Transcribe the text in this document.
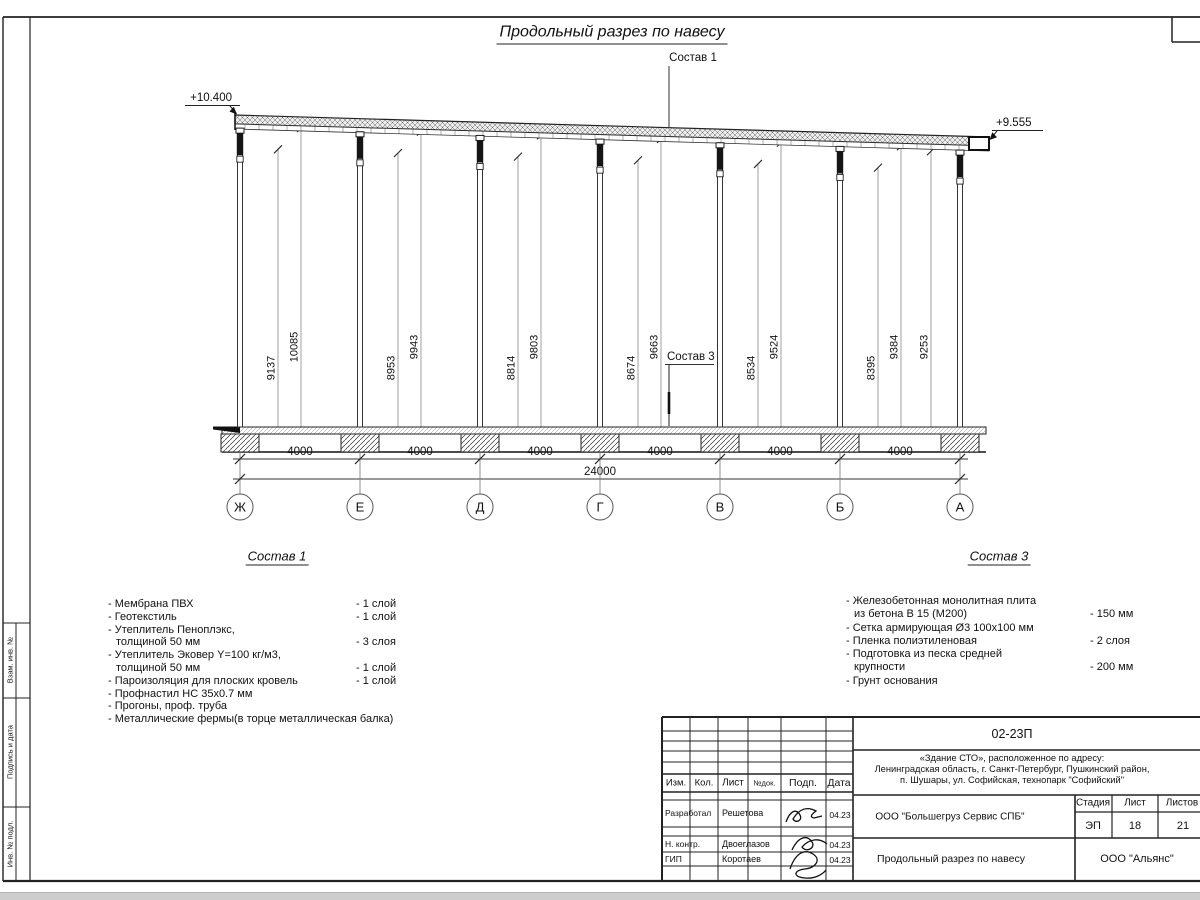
9137
10085
8953
9943
8814
9803
8674
9663
8534
9524
8395
9384 9253
24000
Ж
4000
Е
4000
Д
4000
Г
4000
В
4000
Б
4000
А
Состав 1
Состав 3
+10.400
+9.555
Продольный разрез по навесу
Состав 1
- Мембрана ПВХ	- 1 слой
- Геотекстиль	- 1 слой
- Утеплитель Пеноплэкс,
толщиной 50 мм	- 3 слоя
- Утеплитель Эковер Y=100 кг/м3,
толщиной 50 мм	- 1 слой
- Пароизоляция для плоских кровель	- 1 слой
- Профнастил НС 35x0.7 мм
- Прогоны, проф. труба
- Металлические фермы(в торце металлическая балка)
Состав 3
- Железобетонная монолитная плита
из бетона В 15 (М200)	- 150 мм
- Сетка армирующая Ø3 100x100 мм
- Пленка полиэтиленовая	- 2 слоя
- Подготовка из песка средней
крупности	- 200 мм
- Грунт основания
Взам. инв. №
Подпись и дата
Инв. № подл.
02-23П
«Здание СТО», расположенное по адресу:
Ленинградская область, г. Санкт-Петербург, Пушкинский район,
п. Шушары, ул. Софийская, технопарк "Софийский"
Изм. Кол. Лист №док. Подп. Дата
Разработал Решетова	04.23
Н. контр. Двоеглазов	04.23
ГИП	Коротаев	04.23
ООО "Большегруз Сервис СПБ"
Стадия Лист Листов
ЭП	18	21
Продольный разрез по навесу	ООО "Альянс"
